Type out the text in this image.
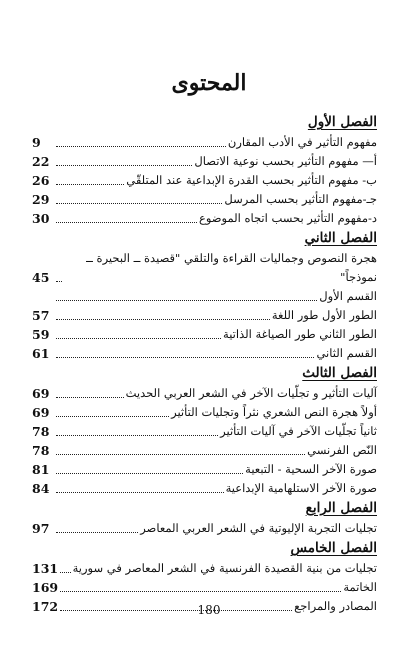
المحتوى
الفصل الأول
مفهوم التأثير في الأدب المقارن
9
أ— مفهوم التأثير بحسب نوعية الاتصال
22
ب- مفهوم التأثير بحسب القدرة الإبداعية عند المتلقّي
26
جـ-مفهوم التأثير بحسب المرسل
29
د-مفهوم التأثير بحسب اتجاه الموضوع
30
الفصل الثاني
هجرة النصوص وجماليات القراءة والتلقي "قصيدة ــ البحيرة ــ نموذجاً"
45
القسم الأول
الطور الأول طور اللغة
57
الطور الثاني طور الصياغة الذاتية
59
القسم الثاني
61
الفصل الثالث
آليات التأثير و تجلّيات الآخر في الشعر العربي الحديث
69
أولاً هجرة النص الشعري نثراً وتجليات التأثير
69
ثانياً تجلّيات الآخر في آليات التأثير
78
النّص الفرنسي
78
صورة الآخر السحية - التبعية
81
صورة الآخر الاستلهامية الإبداعية
84
الفصل الرابع
تجليات التجربة الإليوتية في الشعر العربي المعاصر
97
الفصل الخامس
تجليات من بنية القصيدة الفرنسية في الشعر المعاصر في سورية
131
الخاتمة
169
المصادر والمراجع
172	180
